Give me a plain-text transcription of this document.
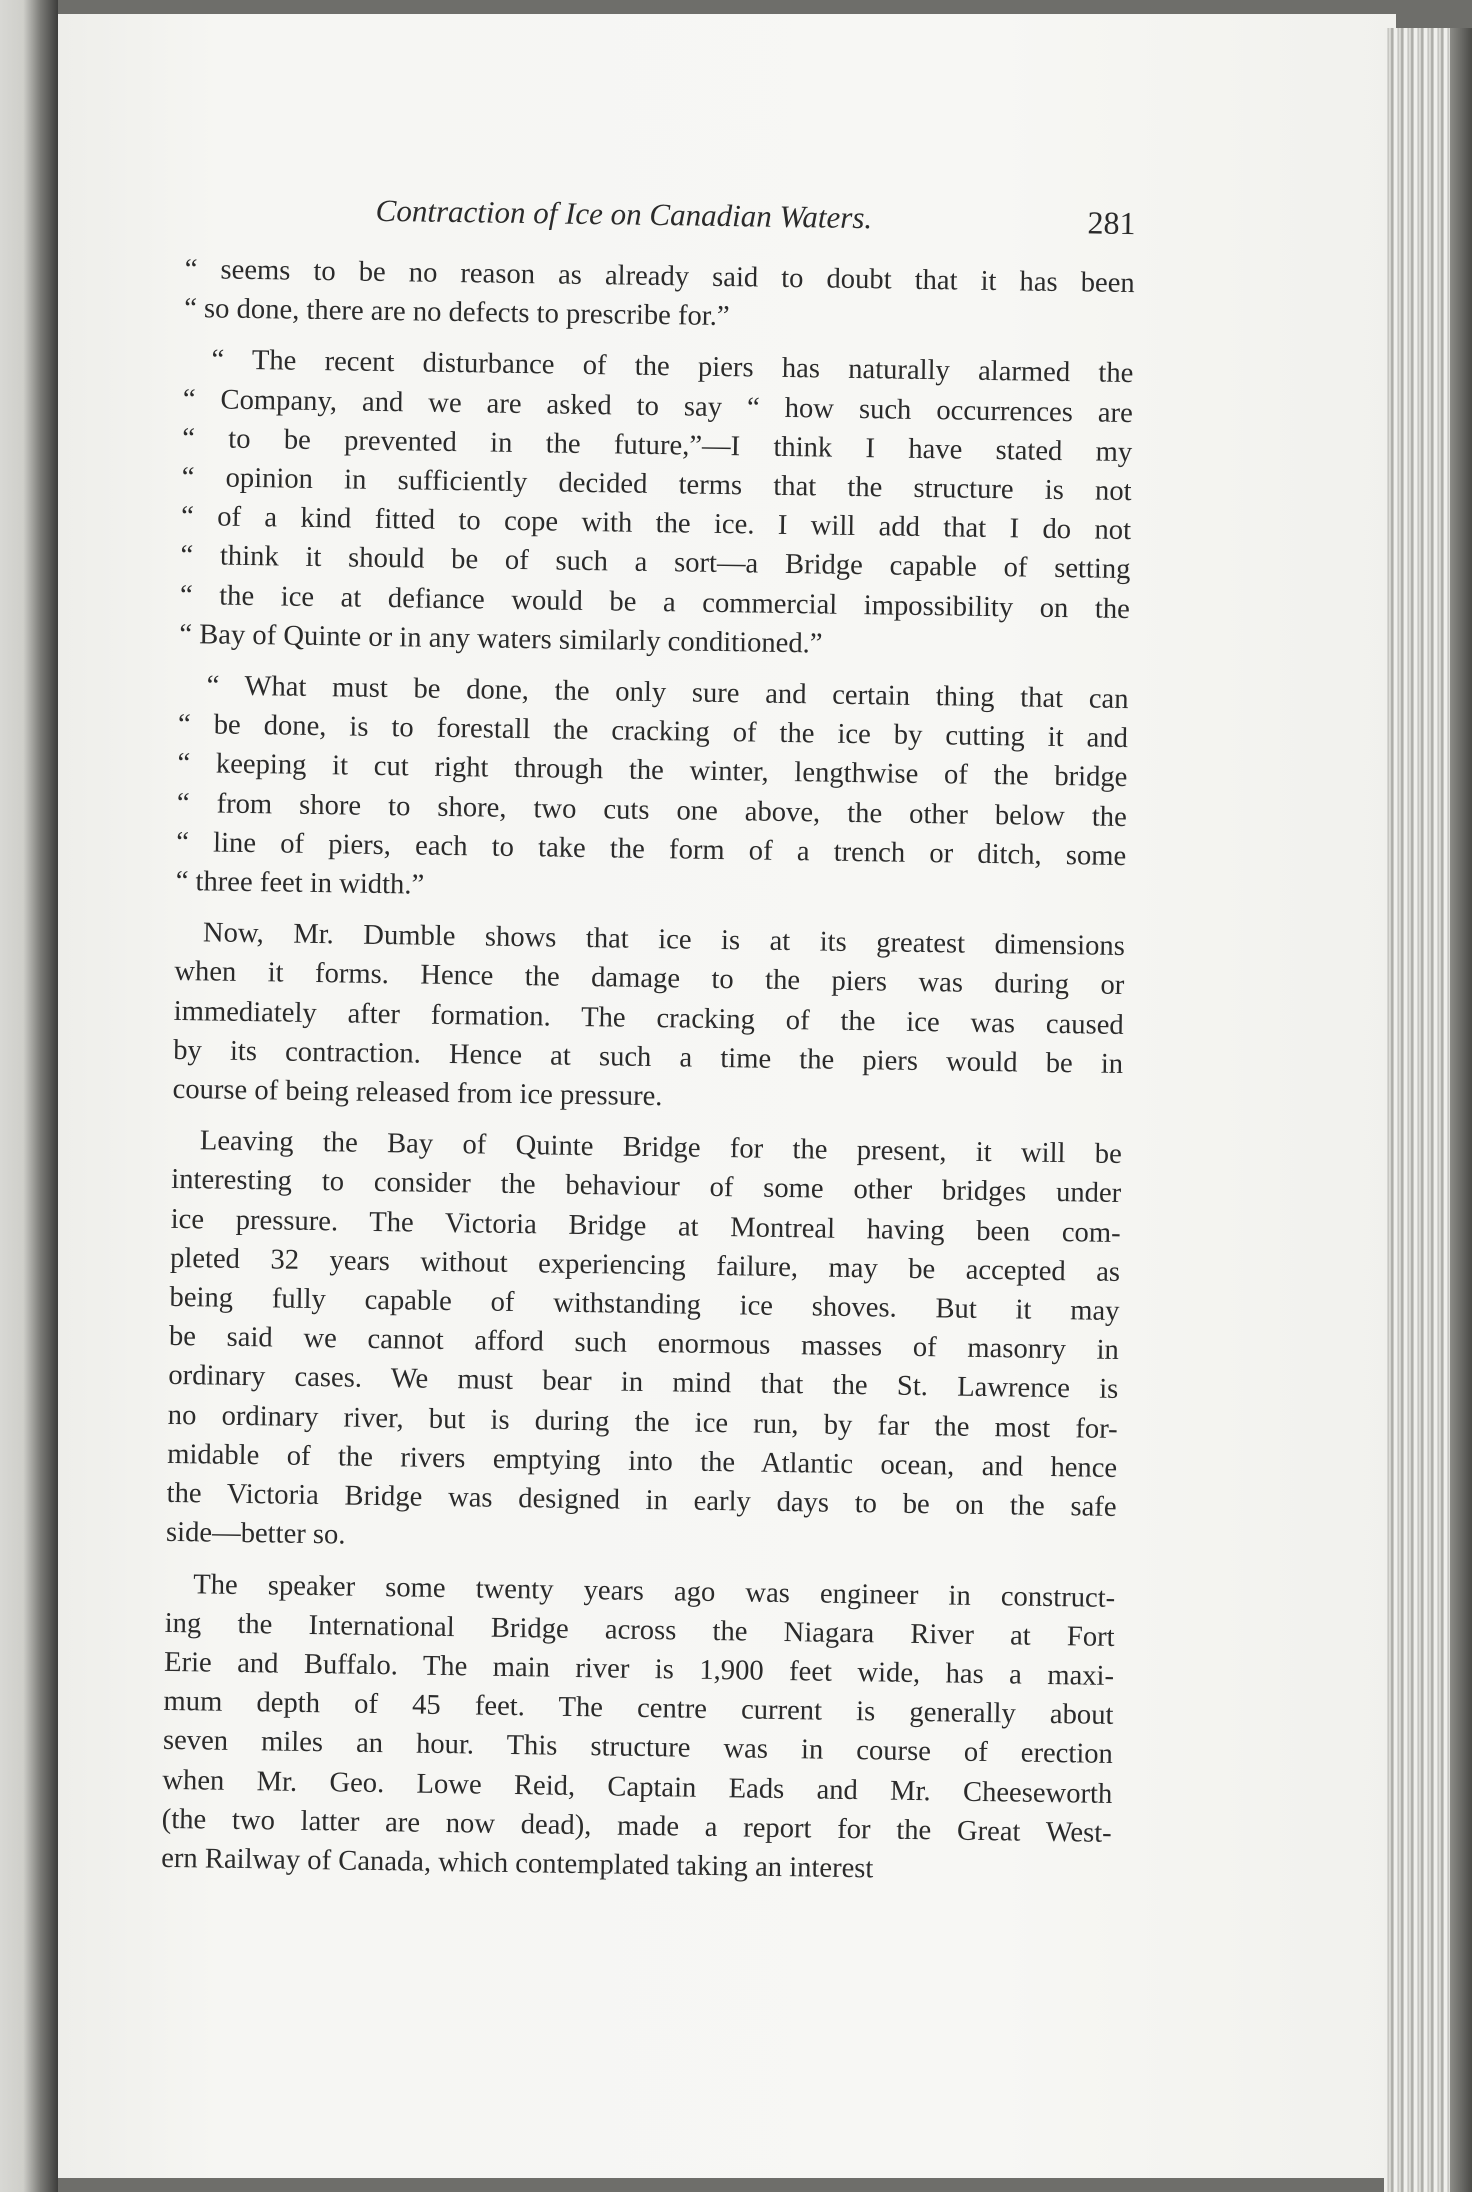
Contraction of Ice on Canadian Waters.	281
“ seems to be no reason as already said to doubt that it has been
“ so done, there are no defects to prescribe for.”
“ The recent disturbance of the piers has naturally alarmed the
“ Company, and we are asked to say “ how such occurrences are
“ to be prevented in the future,”—I think I have stated my
“ opinion in sufficiently decided terms that the structure is not
“ of a kind fitted to cope with the ice. I will add that I do not
“ think it should be of such a sort—a Bridge capable of setting
“ the ice at defiance would be a commercial impossibility on the
“ Bay of Quinte or in any waters similarly conditioned.”
“ What must be done, the only sure and certain thing that can
“ be done, is to forestall the cracking of the ice by cutting it and
“ keeping it cut right through the winter, lengthwise of the bridge
“ from shore to shore, two cuts one above, the other below the
“ line of piers, each to take the form of a trench or ditch, some
“ three feet in width.”
Now, Mr. Dumble shows that ice is at its greatest dimensions
when it forms. Hence the damage to the piers was during or
immediately after formation. The cracking of the ice was caused
by its contraction. Hence at such a time the piers would be in
course of being released from ice pressure.
Leaving the Bay of Quinte Bridge for the present, it will be
interesting to consider the behaviour of some other bridges under
ice pressure. The Victoria Bridge at Montreal having been com-
pleted 32 years without experiencing failure, may be accepted as
being fully capable of withstanding ice shoves. But it may
be said we cannot afford such enormous masses of masonry in
ordinary cases. We must bear in mind that the St. Lawrence is
no ordinary river, but is during the ice run, by far the most for-
midable of the rivers emptying into the Atlantic ocean, and hence
the Victoria Bridge was designed in early days to be on the safe
side—better so.
The speaker some twenty years ago was engineer in construct-
ing the International Bridge across the Niagara River at Fort
Erie and Buffalo. The main river is 1,900 feet wide, has a maxi-
mum depth of 45 feet. The centre current is generally about
seven miles an hour. This structure was in course of erection
when Mr. Geo. Lowe Reid, Captain Eads and Mr. Cheeseworth
(the two latter are now dead), made a report for the Great West-
ern Railway of Canada, which contemplated taking an interest
